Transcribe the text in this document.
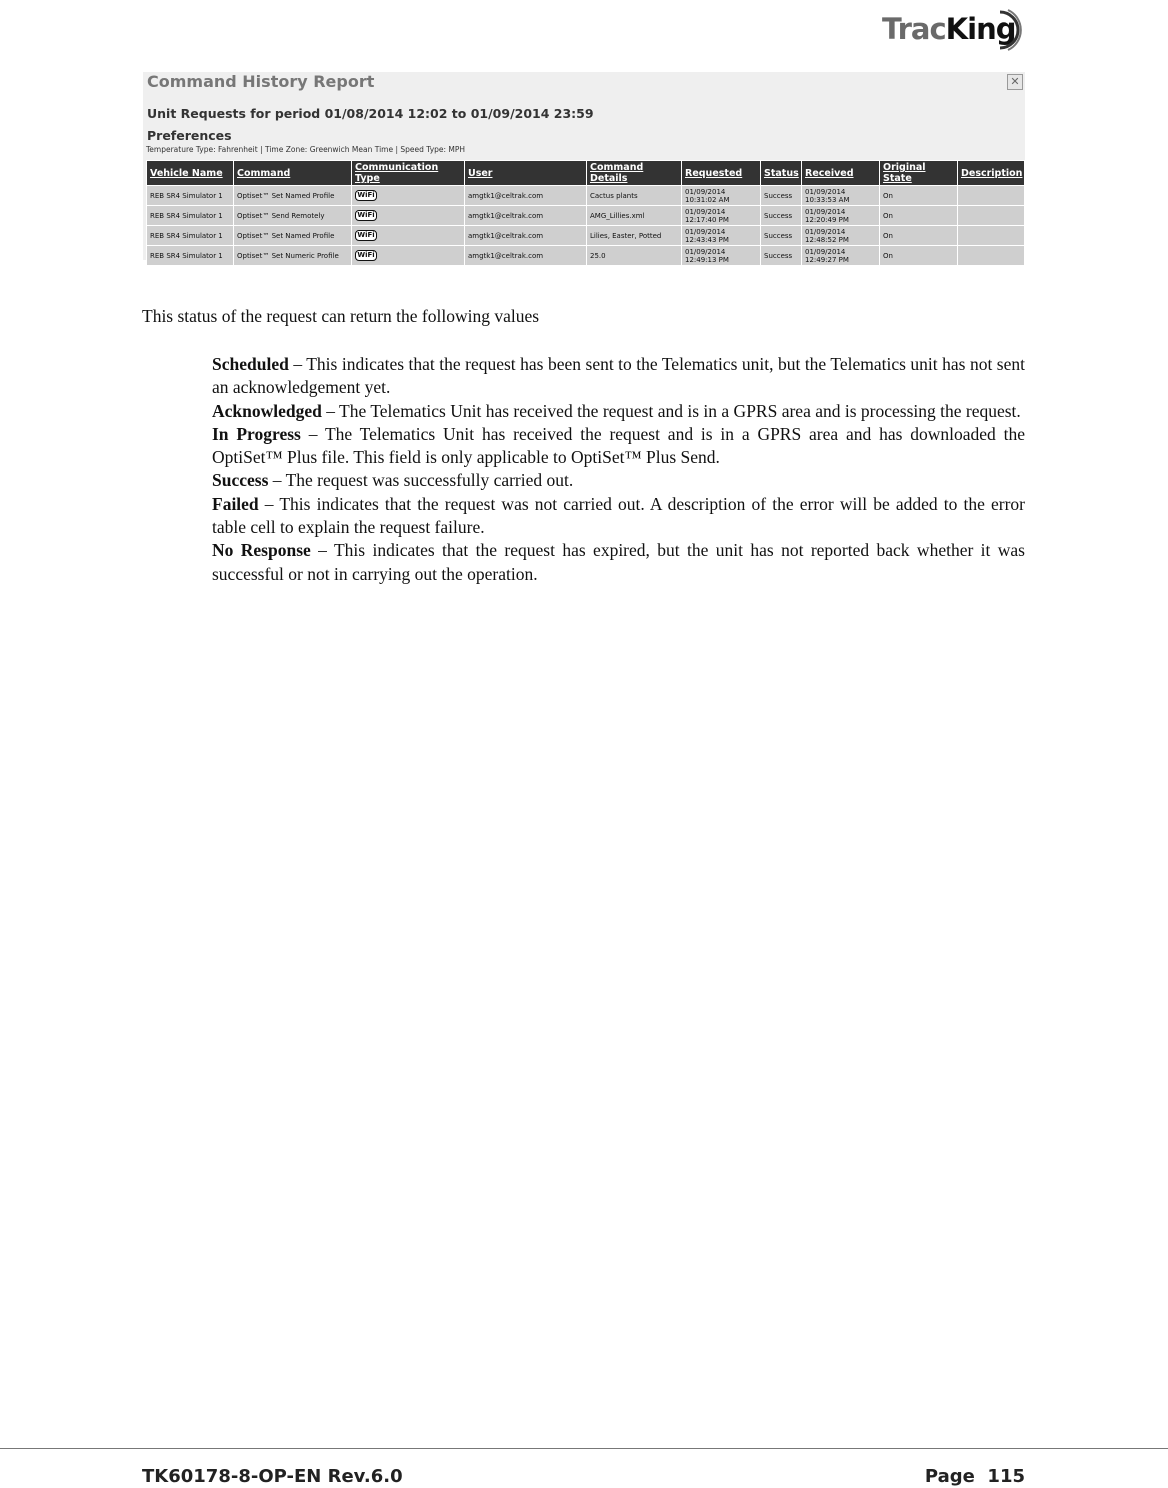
TracKing
Command History Report	✕
Unit Requests for period 01/08/2014 12:02 to 01/09/2014 23:59
Preferences
Temperature Type: Fahrenheit | Time Zone: Greenwich Mean Time | Speed Type: MPH
Vehicle Name	Command	Communication Type	User	Command Details	Requested	Status	Received	Original State	Description
REB SR4 Simulator 1	Optiset™ Set Named Profile	WiFi	amgtk1@celtrak.com	Cactus plants	01/09/2014 10:31:02 AM	Success	01/09/2014 10:33:53 AM	On	
REB SR4 Simulator 1	Optiset™ Send Remotely	WiFi	amgtk1@celtrak.com	AMG_Lillies.xml	01/09/2014 12:17:40 PM	Success	01/09/2014 12:20:49 PM	On	
REB SR4 Simulator 1	Optiset™ Set Named Profile	WiFi	amgtk1@celtrak.com	Lilies, Easter, Potted	01/09/2014 12:43:43 PM	Success	01/09/2014 12:48:52 PM	On	
REB SR4 Simulator 1	Optiset™ Set Numeric Profile	WiFi	amgtk1@celtrak.com	25.0	01/09/2014 12:49:13 PM	Success	01/09/2014 12:49:27 PM	On	
This status of the request can return the following values

Scheduled – This indicates that the request has been sent to the Telematics unit, but the Telematics unit has not sent an acknowledgement yet.

Acknowledged – The Telematics Unit has received the request and is in a GPRS area and is processing the request.

In Progress – The Telematics Unit has received the request and is in a GPRS area and has downloaded the OptiSet™ Plus file. This field is only applicable to OptiSet™ Plus Send.

Success – The request was successfully carried out.

Failed – This indicates that the request was not carried out. A description of the error will be added to the error table cell to explain the request failure.

No Response – This indicates that the request has expired, but the unit has not reported back whether it was successful or not in carrying out the operation.

TK60178-8-OP-EN Rev.6.0	Page 115
